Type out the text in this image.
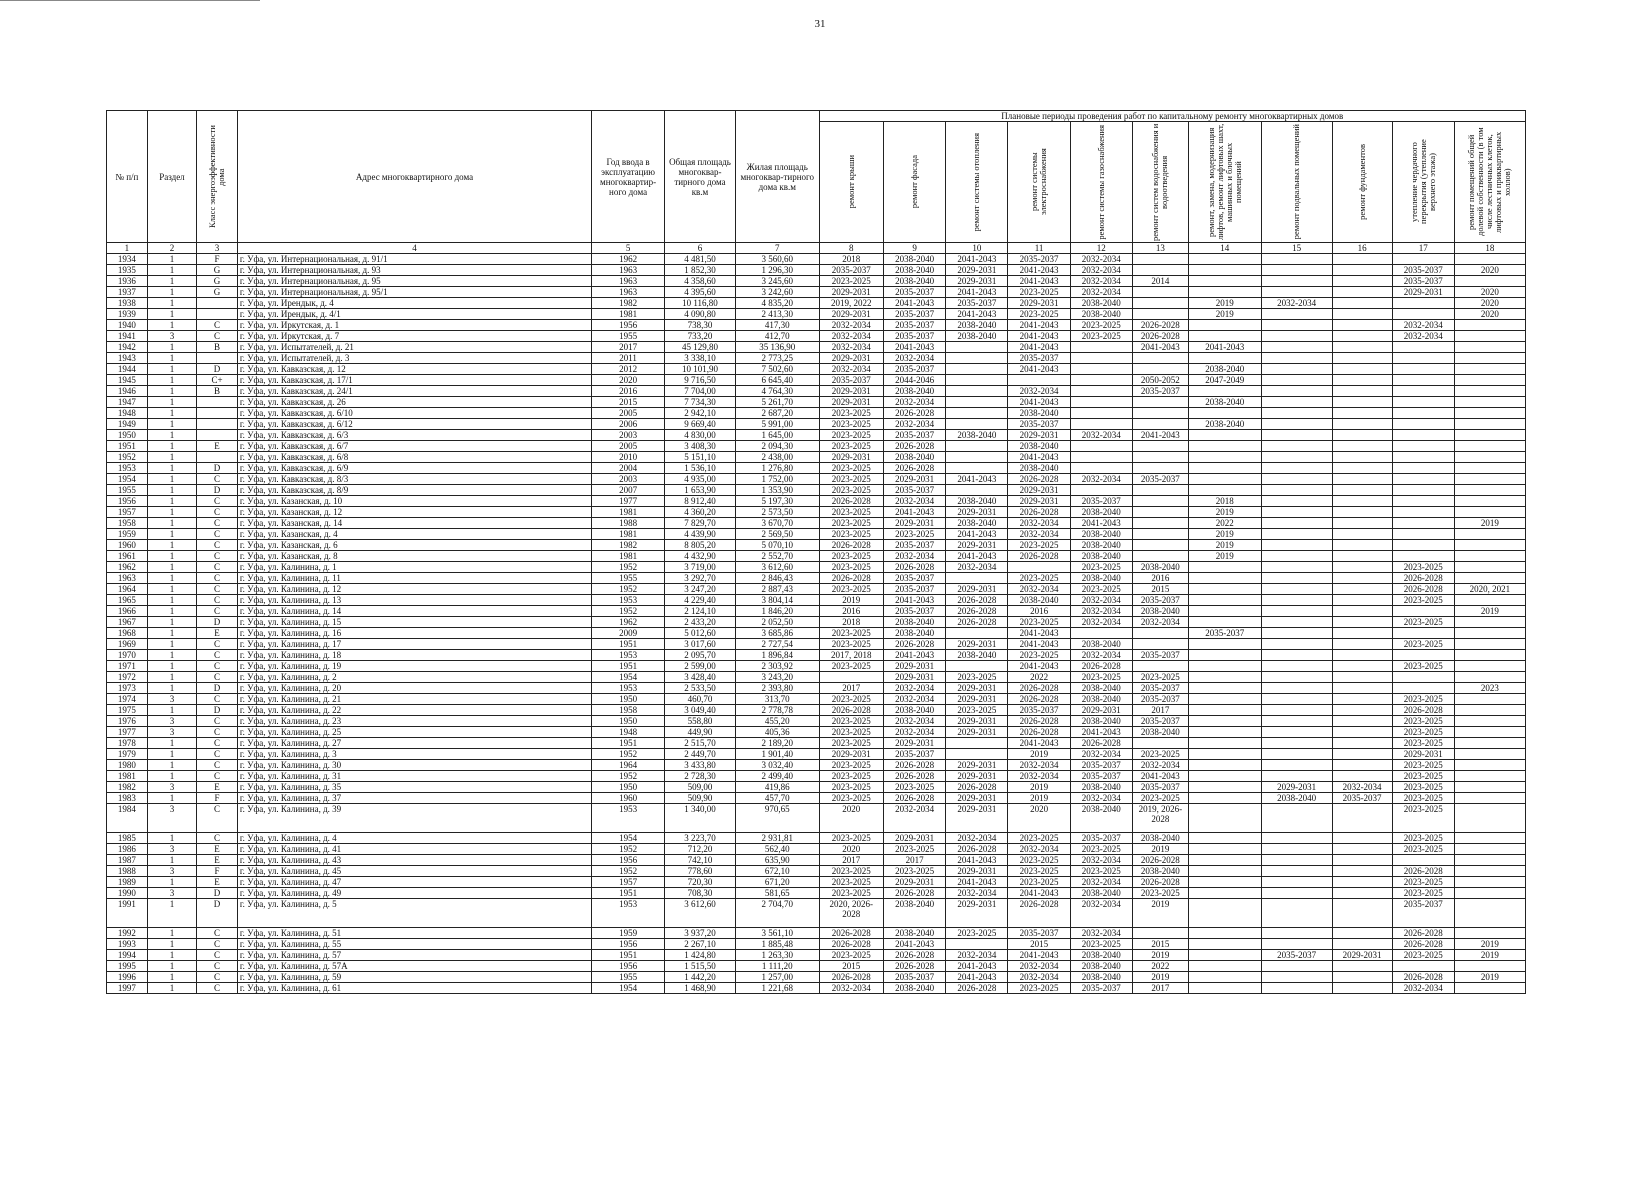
31
№ п/п	Раздел	Класс энергоэффективности дома	Адрес многоквартирного дома	Год ввода в эксплуатацию многоквартир-ного дома	Общая площадь многоквар-тирного дома кв.м	Жилая площадь многоквар-тирного дома кв.м	Плановые периоды проведения работ по капитальному ремонту многоквартирных домов										

							ремонт крыши	ремонт фасада	ремонт системы отопления	ремонт системы электроснабжения	ремонт системы газоснабжения	ремонт систем водоснабжения и водоотведения	ремонт, замена, модернизация лифтов, ремонт лифтовых шахт, машинных и блочных помещений	ремонт подвальных помещений	ремонт фундаментов	утепление чердачного перекрытия (утепление верхнего этажа)	ремонт помещений общей долевой собственности (в том числе лестничных клеток, лифтовых и приквартирных холлов)

1	2	3	4	5	6	7	8	9	10	11	12	13	14	15	16	17	18
1934	1	F	г. Уфа, ул. Интернациональная, д. 91/1	1962	4 481,50	3 560,60	2018	2038-2040	2041-2043	2035-2037	2032-2034						
1935	1	G	г. Уфа, ул. Интернациональная, д. 93	1963	1 852,30	1 296,30	2035-2037	2038-2040	2029-2031	2041-2043	2032-2034					2035-2037	2020
1936	1	G	г. Уфа, ул. Интернациональная, д. 95	1963	4 358,60	3 245,60	2023-2025	2038-2040	2029-2031	2041-2043	2032-2034	2014				2035-2037	
1937	1	G	г. Уфа, ул. Интернациональная, д. 95/1	1963	4 395,60	3 242,60	2029-2031	2035-2037	2041-2043	2023-2025	2032-2034					2029-2031	2020
1938	1		г. Уфа, ул. Ирендык, д. 4	1982	10 116,80	4 835,20	2019, 2022	2041-2043	2035-2037	2029-2031	2038-2040		2019	2032-2034			2020
1939	1		г. Уфа, ул. Ирендык, д. 4/1	1981	4 090,80	2 413,30	2029-2031	2035-2037	2041-2043	2023-2025	2038-2040		2019				2020
1940	1	C	г. Уфа, ул. Иркутская, д. 1	1956	738,30	417,30	2032-2034	2035-2037	2038-2040	2041-2043	2023-2025	2026-2028				2032-2034	
1941	3	C	г. Уфа, ул. Иркутская, д. 7	1955	733,20	412,70	2032-2034	2035-2037	2038-2040	2041-2043	2023-2025	2026-2028				2032-2034	
1942	1	B	г. Уфа, ул. Испытателей, д. 21	2017	45 129,80	35 136,90	2032-2034	2041-2043		2041-2043		2041-2043	2041-2043				
1943	1		г. Уфа, ул. Испытателей, д. 3	2011	3 338,10	2 773,25	2029-2031	2032-2034		2035-2037							
1944	1	D	г. Уфа, ул. Кавказская, д. 12	2012	10 101,90	7 502,60	2032-2034	2035-2037		2041-2043			2038-2040				
1945	1	C+	г. Уфа, ул. Кавказская, д. 17/1	2020	9 716,50	6 645,40	2035-2037	2044-2046				2050-2052	2047-2049				
1946	1	B	г. Уфа, ул. Кавказская, д. 24/1	2016	7 704,00	4 764,30	2029-2031	2038-2040		2032-2034		2035-2037					
1947	1		г. Уфа, ул. Кавказская, д. 26	2015	7 734,30	5 261,70	2029-2031	2032-2034		2041-2043			2038-2040				
1948	1		г. Уфа, ул. Кавказская, д. 6/10	2005	2 942,10	2 687,20	2023-2025	2026-2028		2038-2040							
1949	1		г. Уфа, ул. Кавказская, д. 6/12	2006	9 669,40	5 991,00	2023-2025	2032-2034		2035-2037			2038-2040				
1950	1		г. Уфа, ул. Кавказская, д. 6/3	2003	4 830,00	1 645,00	2023-2025	2035-2037	2038-2040	2029-2031	2032-2034	2041-2043					
1951	1	E	г. Уфа, ул. Кавказская, д. 6/7	2005	3 408,30	2 094,30	2023-2025	2026-2028		2038-2040							
1952	1		г. Уфа, ул. Кавказская, д. 6/8	2010	5 151,10	2 438,00	2029-2031	2038-2040		2041-2043							
1953	1	D	г. Уфа, ул. Кавказская, д. 6/9	2004	1 536,10	1 276,80	2023-2025	2026-2028		2038-2040							
1954	1	C	г. Уфа, ул. Кавказская, д. 8/3	2003	4 935,00	1 752,00	2023-2025	2029-2031	2041-2043	2026-2028	2032-2034	2035-2037					
1955	1	D	г. Уфа, ул. Кавказская, д. 8/9	2007	1 653,90	1 353,90	2023-2025	2035-2037		2029-2031							
1956	1	C	г. Уфа, ул. Казанская, д. 10	1977	8 912,40	5 197,30	2026-2028	2032-2034	2038-2040	2029-2031	2035-2037		2018				
1957	1	C	г. Уфа, ул. Казанская, д. 12	1981	4 360,20	2 573,50	2023-2025	2041-2043	2029-2031	2026-2028	2038-2040		2019				
1958	1	C	г. Уфа, ул. Казанская, д. 14	1988	7 829,70	3 670,70	2023-2025	2029-2031	2038-2040	2032-2034	2041-2043		2022				2019
1959	1	C	г. Уфа, ул. Казанская, д. 4	1981	4 439,90	2 569,50	2023-2025	2023-2025	2041-2043	2032-2034	2038-2040		2019				
1960	1	C	г. Уфа, ул. Казанская, д. 6	1982	8 805,20	5 070,10	2026-2028	2035-2037	2029-2031	2023-2025	2038-2040		2019				
1961	1	C	г. Уфа, ул. Казанская, д. 8	1981	4 432,90	2 552,70	2023-2025	2032-2034	2041-2043	2026-2028	2038-2040		2019				
1962	1	C	г. Уфа, ул. Калинина, д. 1	1952	3 719,00	3 612,60	2023-2025	2026-2028	2032-2034		2023-2025	2038-2040				2023-2025	
1963	1	C	г. Уфа, ул. Калинина, д. 11	1955	3 292,70	2 846,43	2026-2028	2035-2037		2023-2025	2038-2040	2016				2026-2028	
1964	1	C	г. Уфа, ул. Калинина, д. 12	1952	3 247,20	2 887,43	2023-2025	2035-2037	2029-2031	2032-2034	2023-2025	2015				2026-2028	2020, 2021
1965	1	C	г. Уфа, ул. Калинина, д. 13	1953	4 229,40	3 804,14	2019	2041-2043	2026-2028	2038-2040	2032-2034	2035-2037				2023-2025	
1966	1	C	г. Уфа, ул. Калинина, д. 14	1952	2 124,10	1 846,20	2016	2035-2037	2026-2028	2016	2032-2034	2038-2040					2019
1967	1	D	г. Уфа, ул. Калинина, д. 15	1962	2 433,20	2 052,50	2018	2038-2040	2026-2028	2023-2025	2032-2034	2032-2034				2023-2025	
1968	1	E	г. Уфа, ул. Калинина, д. 16	2009	5 012,60	3 685,86	2023-2025	2038-2040		2041-2043			2035-2037				
1969	1	C	г. Уфа, ул. Калинина, д. 17	1951	3 017,60	2 727,54	2023-2025	2026-2028	2029-2031	2041-2043	2038-2040					2023-2025	
1970	1	C	г. Уфа, ул. Калинина, д. 18	1953	2 095,70	1 896,84	2017, 2018	2041-2043	2038-2040	2023-2025	2032-2034	2035-2037					
1971	1	C	г. Уфа, ул. Калинина, д. 19	1951	2 599,00	2 303,92	2023-2025	2029-2031		2041-2043	2026-2028					2023-2025	
1972	1	C	г. Уфа, ул. Калинина, д. 2	1954	3 428,40	3 243,20		2029-2031	2023-2025	2022	2023-2025	2023-2025					
1973	1	D	г. Уфа, ул. Калинина, д. 20	1953	2 533,50	2 393,80	2017	2032-2034	2029-2031	2026-2028	2038-2040	2035-2037					2023
1974	3	C	г. Уфа, ул. Калинина, д. 21	1950	460,70	313,70	2023-2025	2032-2034	2029-2031	2026-2028	2038-2040	2035-2037				2023-2025	
1975	1	D	г. Уфа, ул. Калинина, д. 22	1958	3 049,40	2 778,78	2026-2028	2038-2040	2023-2025	2035-2037	2029-2031	2017				2026-2028	
1976	3	C	г. Уфа, ул. Калинина, д. 23	1950	558,80	455,20	2023-2025	2032-2034	2029-2031	2026-2028	2038-2040	2035-2037				2023-2025	
1977	3	C	г. Уфа, ул. Калинина, д. 25	1948	449,90	405,36	2023-2025	2032-2034	2029-2031	2026-2028	2041-2043	2038-2040				2023-2025	
1978	1	C	г. Уфа, ул. Калинина, д. 27	1951	2 515,70	2 189,20	2023-2025	2029-2031		2041-2043	2026-2028					2023-2025	
1979	1	C	г. Уфа, ул. Калинина, д. 3	1952	2 449,70	1 901,40	2029-2031	2035-2037		2019	2032-2034	2023-2025				2029-2031	
1980	1	C	г. Уфа, ул. Калинина, д. 30	1964	3 433,80	3 032,40	2023-2025	2026-2028	2029-2031	2032-2034	2035-2037	2032-2034				2023-2025	
1981	1	C	г. Уфа, ул. Калинина, д. 31	1952	2 728,30	2 499,40	2023-2025	2026-2028	2029-2031	2032-2034	2035-2037	2041-2043				2023-2025	
1982	3	E	г. Уфа, ул. Калинина, д. 35	1950	509,00	419,86	2023-2025	2023-2025	2026-2028	2019	2038-2040	2035-2037		2029-2031	2032-2034	2023-2025	
1983	1	F	г. Уфа, ул. Калинина, д. 37	1960	509,90	457,70	2023-2025	2026-2028	2029-2031	2019	2032-2034	2023-2025		2038-2040	2035-2037	2023-2025	
1984	3	C	г. Уфа, ул. Калинина, д. 39	1953	1 340,00	970,65	2020	2032-2034	2029-2031	2020	2038-2040	2019, 2026-2028				2023-2025	
1985	1	C	г. Уфа, ул. Калинина, д. 4	1954	3 223,70	2 931,81	2023-2025	2029-2031	2032-2034	2023-2025	2035-2037	2038-2040				2023-2025	
1986	3	E	г. Уфа, ул. Калинина, д. 41	1952	712,20	562,40	2020	2023-2025	2026-2028	2032-2034	2023-2025	2019				2023-2025	
1987	1	E	г. Уфа, ул. Калинина, д. 43	1956	742,10	635,90	2017	2017	2041-2043	2023-2025	2032-2034	2026-2028					
1988	3	F	г. Уфа, ул. Калинина, д. 45	1952	778,60	672,10	2023-2025	2023-2025	2029-2031	2023-2025	2023-2025	2038-2040				2026-2028	
1989	1	E	г. Уфа, ул. Калинина, д. 47	1957	720,30	671,20	2023-2025	2029-2031	2041-2043	2023-2025	2032-2034	2026-2028				2023-2025	
1990	3	D	г. Уфа, ул. Калинина, д. 49	1951	708,30	581,65	2023-2025	2026-2028	2032-2034	2041-2043	2038-2040	2023-2025				2023-2025	
1991	1	D	г. Уфа, ул. Калинина, д. 5	1953	3 612,60	2 704,70	2020, 2026-2028	2038-2040	2029-2031	2026-2028	2032-2034	2019				2035-2037	
1992	1	C	г. Уфа, ул. Калинина, д. 51	1959	3 937,20	3 561,10	2026-2028	2038-2040	2023-2025	2035-2037	2032-2034					2026-2028	
1993	1	C	г. Уфа, ул. Калинина, д. 55	1956	2 267,10	1 885,48	2026-2028	2041-2043		2015	2023-2025	2015				2026-2028	2019
1994	1	C	г. Уфа, ул. Калинина, д. 57	1951	1 424,80	1 263,30	2023-2025	2026-2028	2032-2034	2041-2043	2038-2040	2019		2035-2037	2029-2031	2023-2025	2019
1995	1	C	г. Уфа, ул. Калинина, д. 57А	1956	1 515,50	1 111,20	2015	2026-2028	2041-2043	2032-2034	2038-2040	2022					
1996	1	C	г. Уфа, ул. Калинина, д. 59	1955	1 442,20	1 257,00	2026-2028	2035-2037	2041-2043	2032-2034	2038-2040	2019				2026-2028	2019
1997	1	C	г. Уфа, ул. Калинина, д. 61	1954	1 468,90	1 221,68	2032-2034	2038-2040	2026-2028	2023-2025	2035-2037	2017				2032-2034	
